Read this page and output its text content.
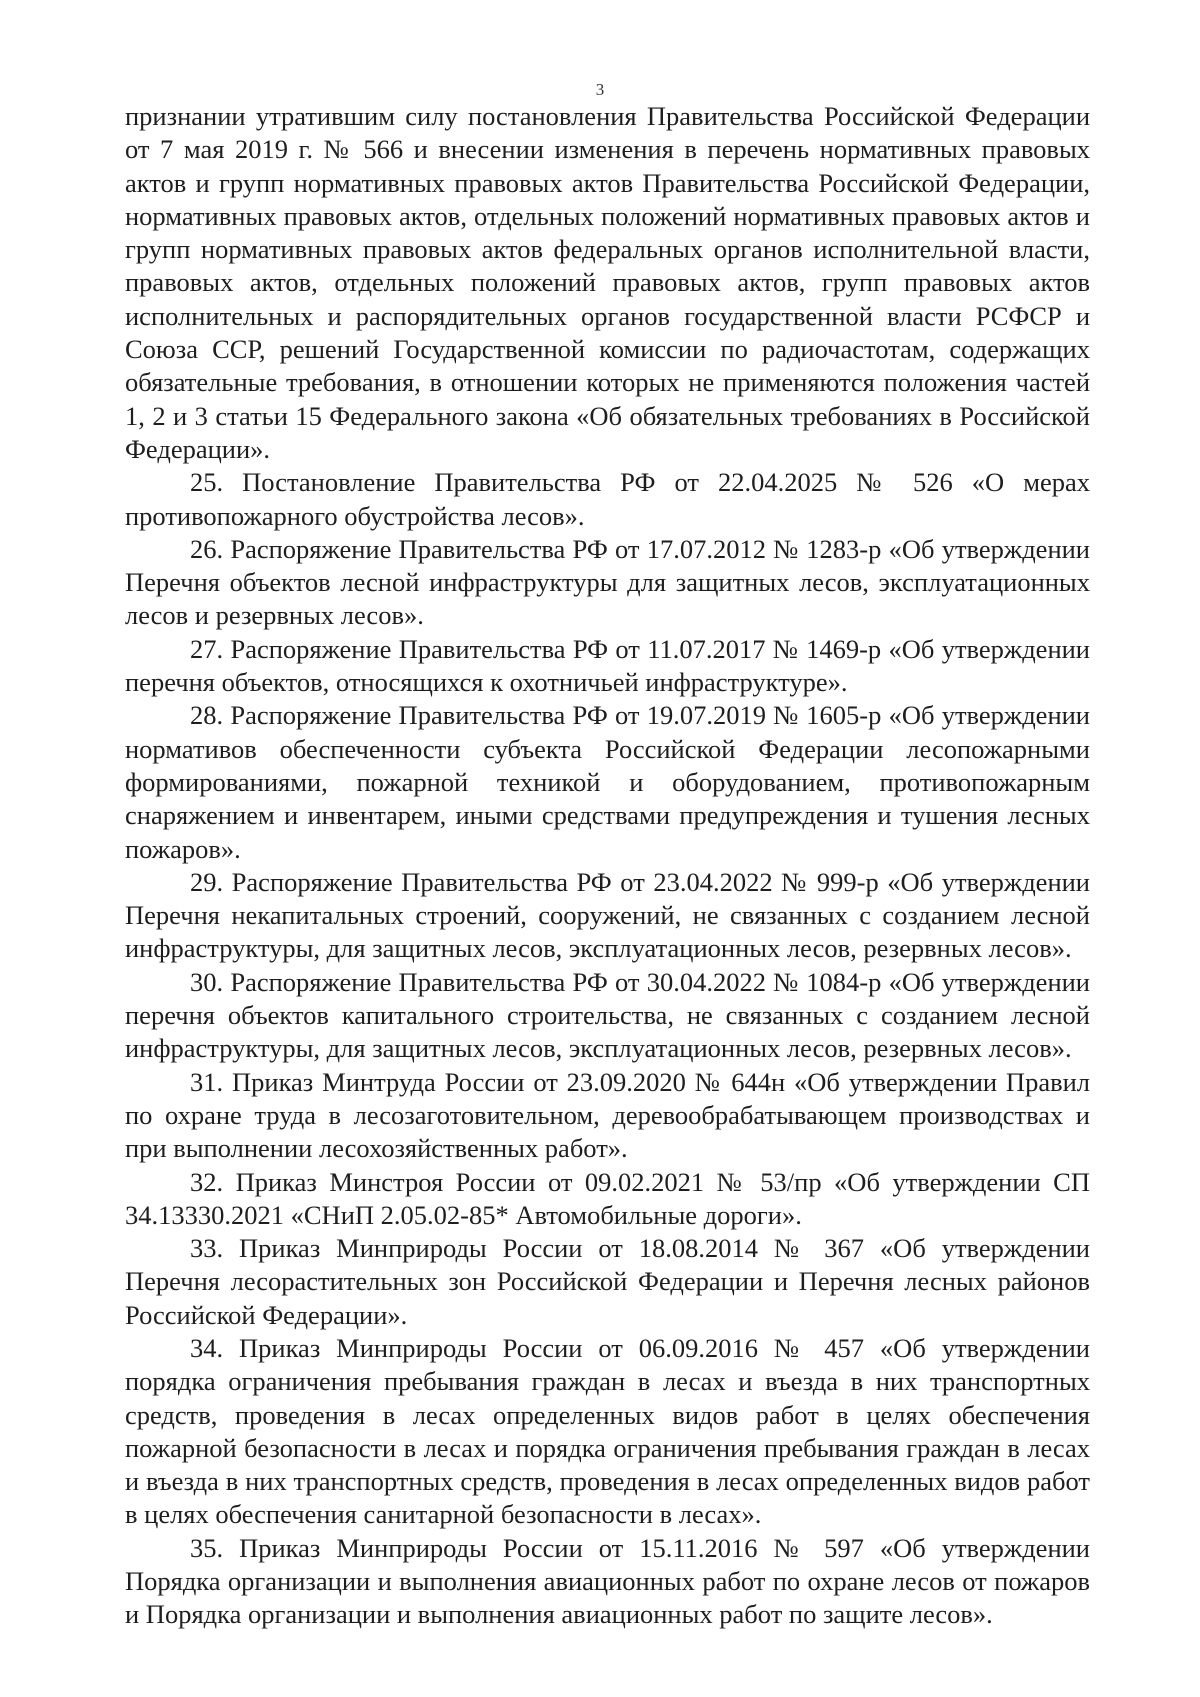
3

признании утратившим силу постановления Правительства Российской Федерации от 7 мая 2019 г. № 566 и внесении изменения в перечень нормативных правовых актов и групп нормативных правовых актов Правительства Российской Федерации, нормативных правовых актов, отдельных положений нормативных правовых актов и групп нормативных правовых актов федеральных органов исполнительной власти, правовых актов, отдельных положений правовых актов, групп правовых актов исполнительных и распорядительных органов государственной власти РСФСР и Союза ССР, решений Государственной комиссии по радиочастотам, содержащих обязательные требования, в отношении которых не применяются положения частей 1, 2 и 3 статьи 15 Федерального закона «Об обязательных требованиях в Российской Федерации».

25. Постановление Правительства РФ от 22.04.2025 № 526 «О мерах противопожарного обустройства лесов».

26. Распоряжение Правительства РФ от 17.07.2012 № 1283-р «Об утверждении Перечня объектов лесной инфраструктуры для защитных лесов, эксплуатационных лесов и резервных лесов».

27. Распоряжение Правительства РФ от 11.07.2017 № 1469-р «Об утверждении перечня объектов, относящихся к охотничьей инфраструктуре».

28. Распоряжение Правительства РФ от 19.07.2019 № 1605-р «Об утверждении нормативов обеспеченности субъекта Российской Федерации лесопожарными формированиями, пожарной техникой и оборудованием, противопожарным снаряжением и инвентарем, иными средствами предупреждения и тушения лесных пожаров».

29. Распоряжение Правительства РФ от 23.04.2022 № 999-р «Об утверждении Перечня некапитальных строений, сооружений, не связанных с созданием лесной инфраструктуры, для защитных лесов, эксплуатационных лесов, резервных лесов».

30. Распоряжение Правительства РФ от 30.04.2022 № 1084-р «Об утверждении перечня объектов капитального строительства, не связанных с созданием лесной инфраструктуры, для защитных лесов, эксплуатационных лесов, резервных лесов».

31. Приказ Минтруда России от 23.09.2020 № 644н «Об утверждении Правил по охране труда в лесозаготовительном, деревообрабатывающем производствах и при выполнении лесохозяйственных работ».

32. Приказ Минстроя России от 09.02.2021 № 53/пр «Об утверждении СП 34.13330.2021 «СНиП 2.05.02-85* Автомобильные дороги».

33. Приказ Минприроды России от 18.08.2014 № 367 «Об утверждении Перечня лесорастительных зон Российской Федерации и Перечня лесных районов Российской Федерации».

34. Приказ Минприроды России от 06.09.2016 № 457 «Об утверждении порядка ограничения пребывания граждан в лесах и въезда в них транспортных средств, проведения в лесах определенных видов работ в целях обеспечения пожарной безопасности в лесах и порядка ограничения пребывания граждан в лесах и въезда в них транспортных средств, проведения в лесах определенных видов работ в целях обеспечения санитарной безопасности в лесах».

35. Приказ Минприроды России от 15.11.2016 № 597 «Об утверждении Порядка организации и выполнения авиационных работ по охране лесов от пожаров и Порядка организации и выполнения авиационных работ по защите лесов».
